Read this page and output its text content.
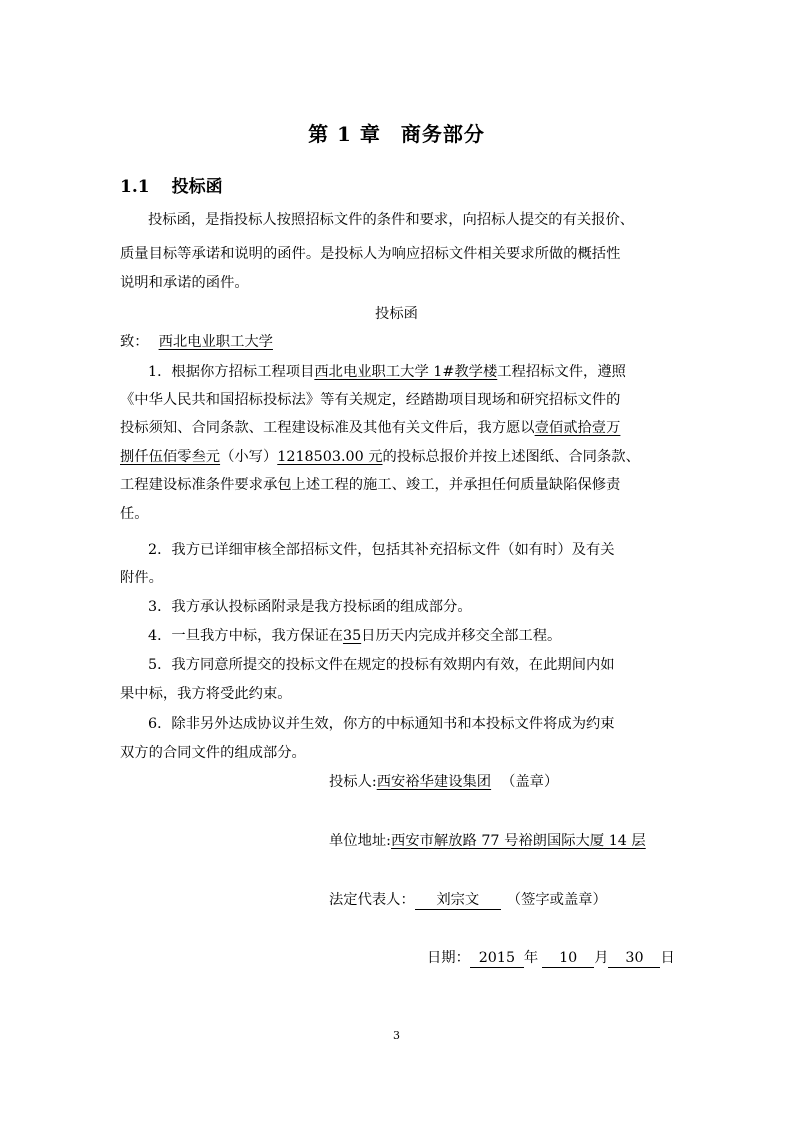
第 1 章 商务部分
1.1 投标函
投标函，是指投标人按照招标文件的条件和要求，向招标人提交的有关报价、
质量目标等承诺和说明的函件。是投标人为响应招标文件相关要求所做的概括性
说明和承诺的函件。
投标函
致： 西北电业职工大学
1．根据你方招标工程项目西北电业职工大学 1#教学楼工程招标文件，遵照
《中华人民共和国招标投标法》等有关规定，经踏勘项目现场和研究招标文件的
投标须知、合同条款、工程建设标准及其他有关文件后，我方愿以壹佰贰拾壹万
捌仟伍佰零叁元（小写）1218503.00 元的投标总报价并按上述图纸、合同条款、
工程建设标准条件要求承包上述工程的施工、竣工，并承担任何质量缺陷保修责
任。
2．我方已详细审核全部招标文件，包括其补充招标文件（如有时）及有关
附件。
3．我方承认投标函附录是我方投标函的组成部分。
4．一旦我方中标，我方保证在35日历天内完成并移交全部工程。
5．我方同意所提交的投标文件在规定的投标有效期内有效，在此期间内如
果中标，我方将受此约束。
6．除非另外达成协议并生效，你方的中标通知书和本投标文件将成为约束
双方的合同文件的组成部分。
投标人:西安裕华建设集团 （盖章）
单位地址:西安市解放路 77 号裕朗国际大厦 14 层
法定代表人： 刘宗文 （签字或盖章）
日期： 2015 年 10 月 30 日
3
